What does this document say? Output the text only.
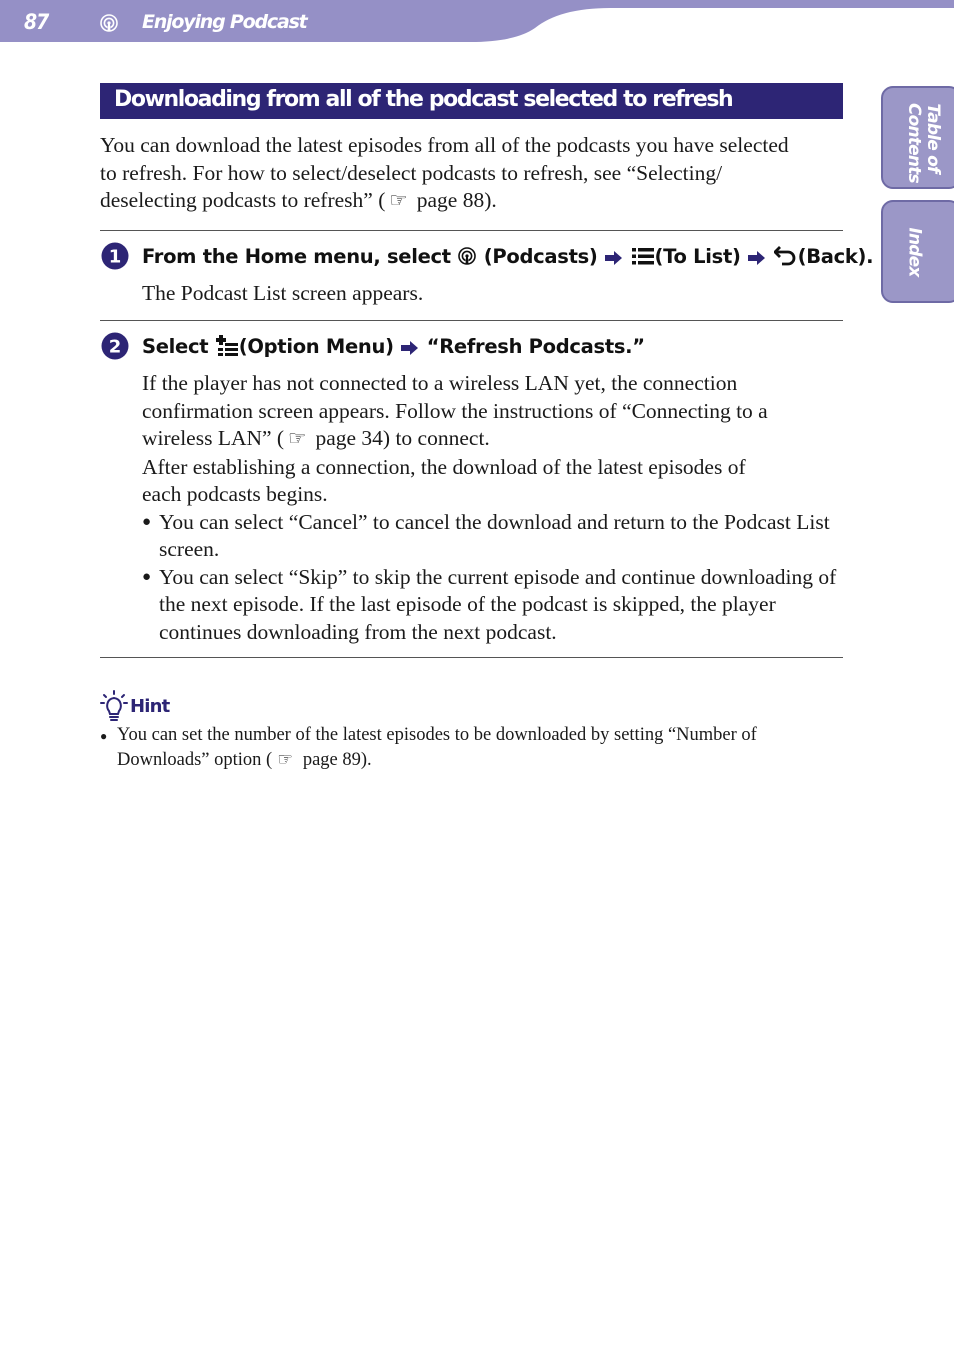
87	Enjoying Podcast
Table of
Contents
Index
Downloading from all of the podcast selected to refresh
You can download the latest episodes from all of the podcasts you have selected
to refresh. For how to select/deselect podcasts to refresh, see “Selecting/
deselecting podcasts to refresh” ( ☞ page 88).
1 From the Home menu, select  (Podcasts)	(To List)	(Back).
The Podcast List screen appears.
2 Select (Option Menu) “Refresh Podcasts.”
If the player has not connected to a wireless LAN yet, the connection
confirmation screen appears. Follow the instructions of “Connecting to a
wireless LAN” ( ☞ page 34) to connect.
After establishing a connection, the download of the latest episodes of
each podcasts begins.
● You can select “Cancel” to cancel the download and return to the Podcast List screen.
● You can select “Skip” to skip the current episode and continue downloading of the next episode. If the last episode of the podcast is skipped, the player continues downloading from the next podcast.
Hint
● You can set the number of the latest episodes to be downloaded by setting “Number of Downloads” option ( ☞ page 89).
